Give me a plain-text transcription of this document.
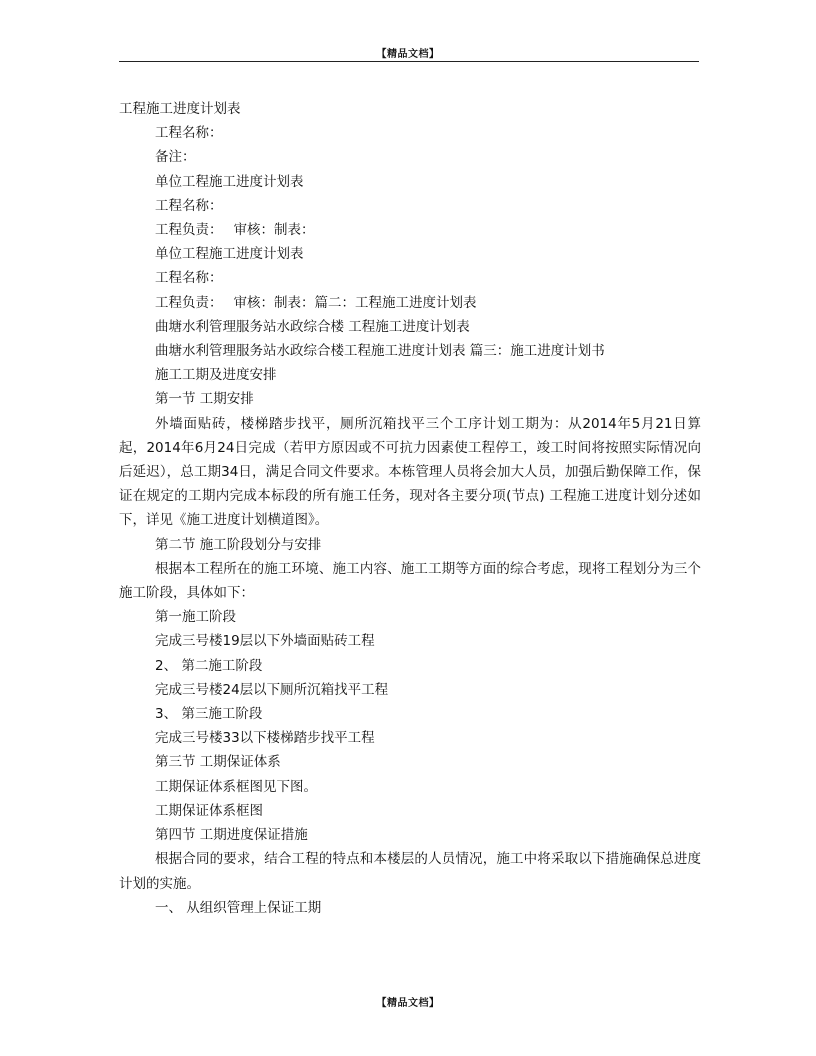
【精品文档】
工程施工进度计划表
工程名称：
备注：
单位工程施工进度计划表
工程名称：
工程负责：　 审核：制表：
单位工程施工进度计划表
工程名称：
工程负责：　 审核：制表：篇二：工程施工进度计划表
曲塘水利管理服务站水政综合楼 工程施工进度计划表
曲塘水利管理服务站水政综合楼工程施工进度计划表 篇三：施工进度计划书
施工工期及进度安排
第一节 工期安排
外墙面贴砖，楼梯踏步找平，厕所沉箱找平三个工序计划工期为：从2014年5月21日算起，2014年6月24日完成（若甲方原因或不可抗力因素使工程停工，竣工时间将按照实际情况向后延迟），总工期34日，满足合同文件要求。本栋管理人员将会加大人员，加强后勤保障工作，保证在规定的工期内完成本标段的所有施工任务，现对各主要分项(节点) 工程施工进度计划分述如下，详见《施工进度计划横道图》。
第二节 施工阶段划分与安排
根据本工程所在的施工环境、施工内容、施工工期等方面的综合考虑，现将工程划分为三个施工阶段，具体如下：
第一施工阶段
完成三号楼19层以下外墙面贴砖工程
2、 第二施工阶段
完成三号楼24层以下厕所沉箱找平工程
3、 第三施工阶段
完成三号楼33以下楼梯踏步找平工程
第三节 工期保证体系
工期保证体系框图见下图。
工期保证体系框图
第四节 工期进度保证措施
根据合同的要求，结合工程的特点和本楼层的人员情况，施工中将采取以下措施确保总进度计划的实施。
一、 从组织管理上保证工期
【精品文档】
